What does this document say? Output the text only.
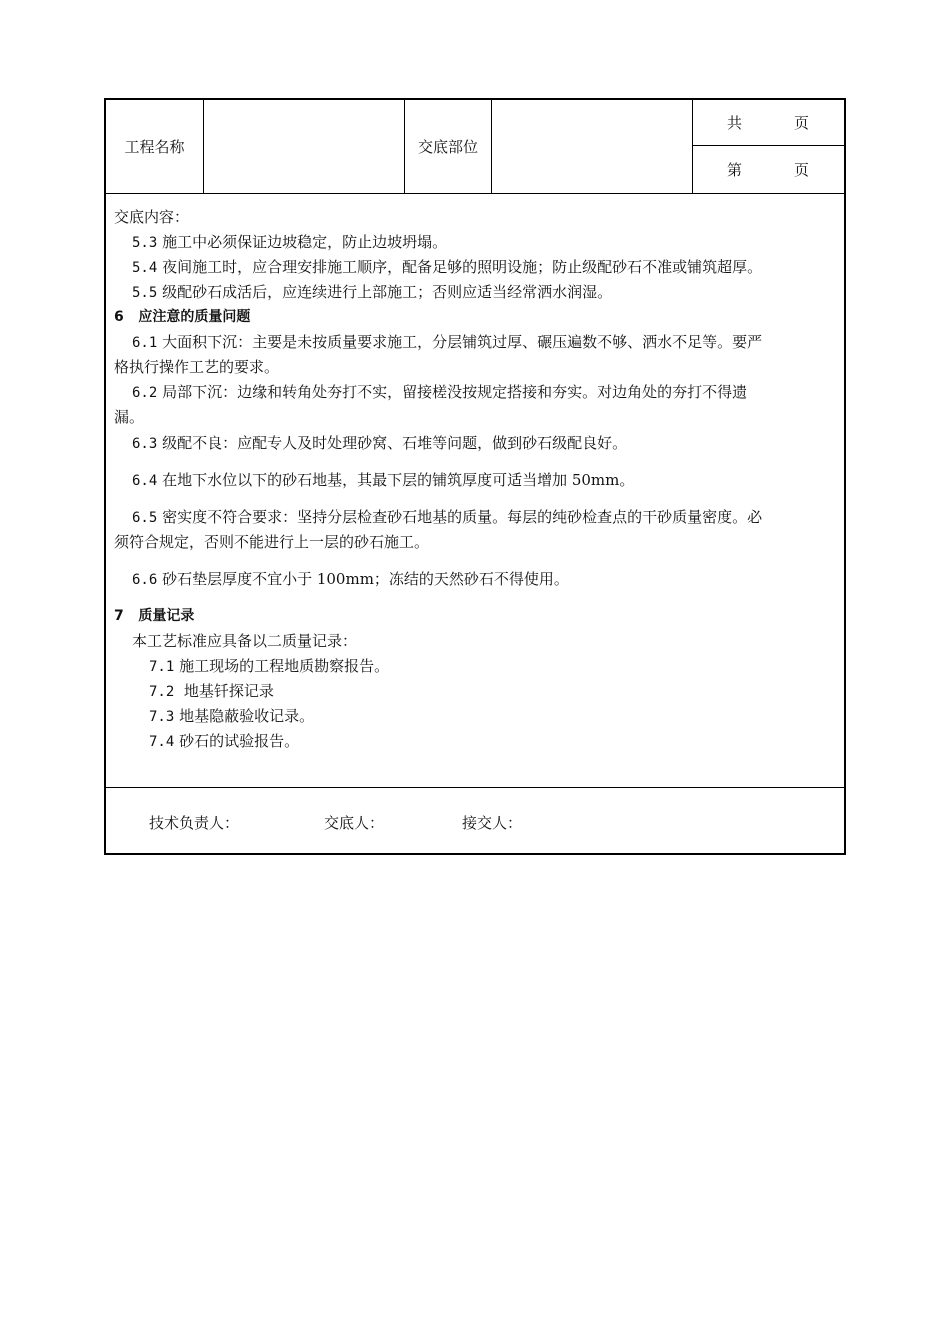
工程名称	交底部位
共	页
第	页
交底内容：
5.3 施工中必须保证边坡稳定，防止边坡坍塌。
5.4 夜间施工时，应合理安排施工顺序，配备足够的照明设施；防止级配砂石不准或铺筑超厚。
5.5 级配砂石成活后，应连续进行上部施工；否则应适当经常洒水润湿。
6 应注意的质量问题
6.1 大面积下沉：主要是未按质量要求施工，分层铺筑过厚、碾压遍数不够、洒水不足等。要严
格执行操作工艺的要求。
6.2 局部下沉：边缘和转角处夯打不实，留接槎没按规定搭接和夯实。对边角处的夯打不得遗
漏。
6.3 级配不良：应配专人及时处理砂窝、石堆等问题，做到砂石级配良好。
6.4 在地下水位以下的砂石地基，其最下层的铺筑厚度可适当增加 50mm。
6.5 密实度不符合要求：坚持分层检查砂石地基的质量。每层的纯砂检查点的干砂质量密度。必
须符合规定，否则不能进行上一层的砂石施工。
6.6 砂石垫层厚度不宜小于 100mm；冻结的天然砂石不得使用。
7 质量记录
本工艺标准应具备以二质量记录：
7.1 施工现场的工程地质勘察报告。
7.2 地基钎探记录
7.3 地基隐蔽验收记录。
7.4 砂石的试验报告。
技术负责人：	交底人：	接交人：
